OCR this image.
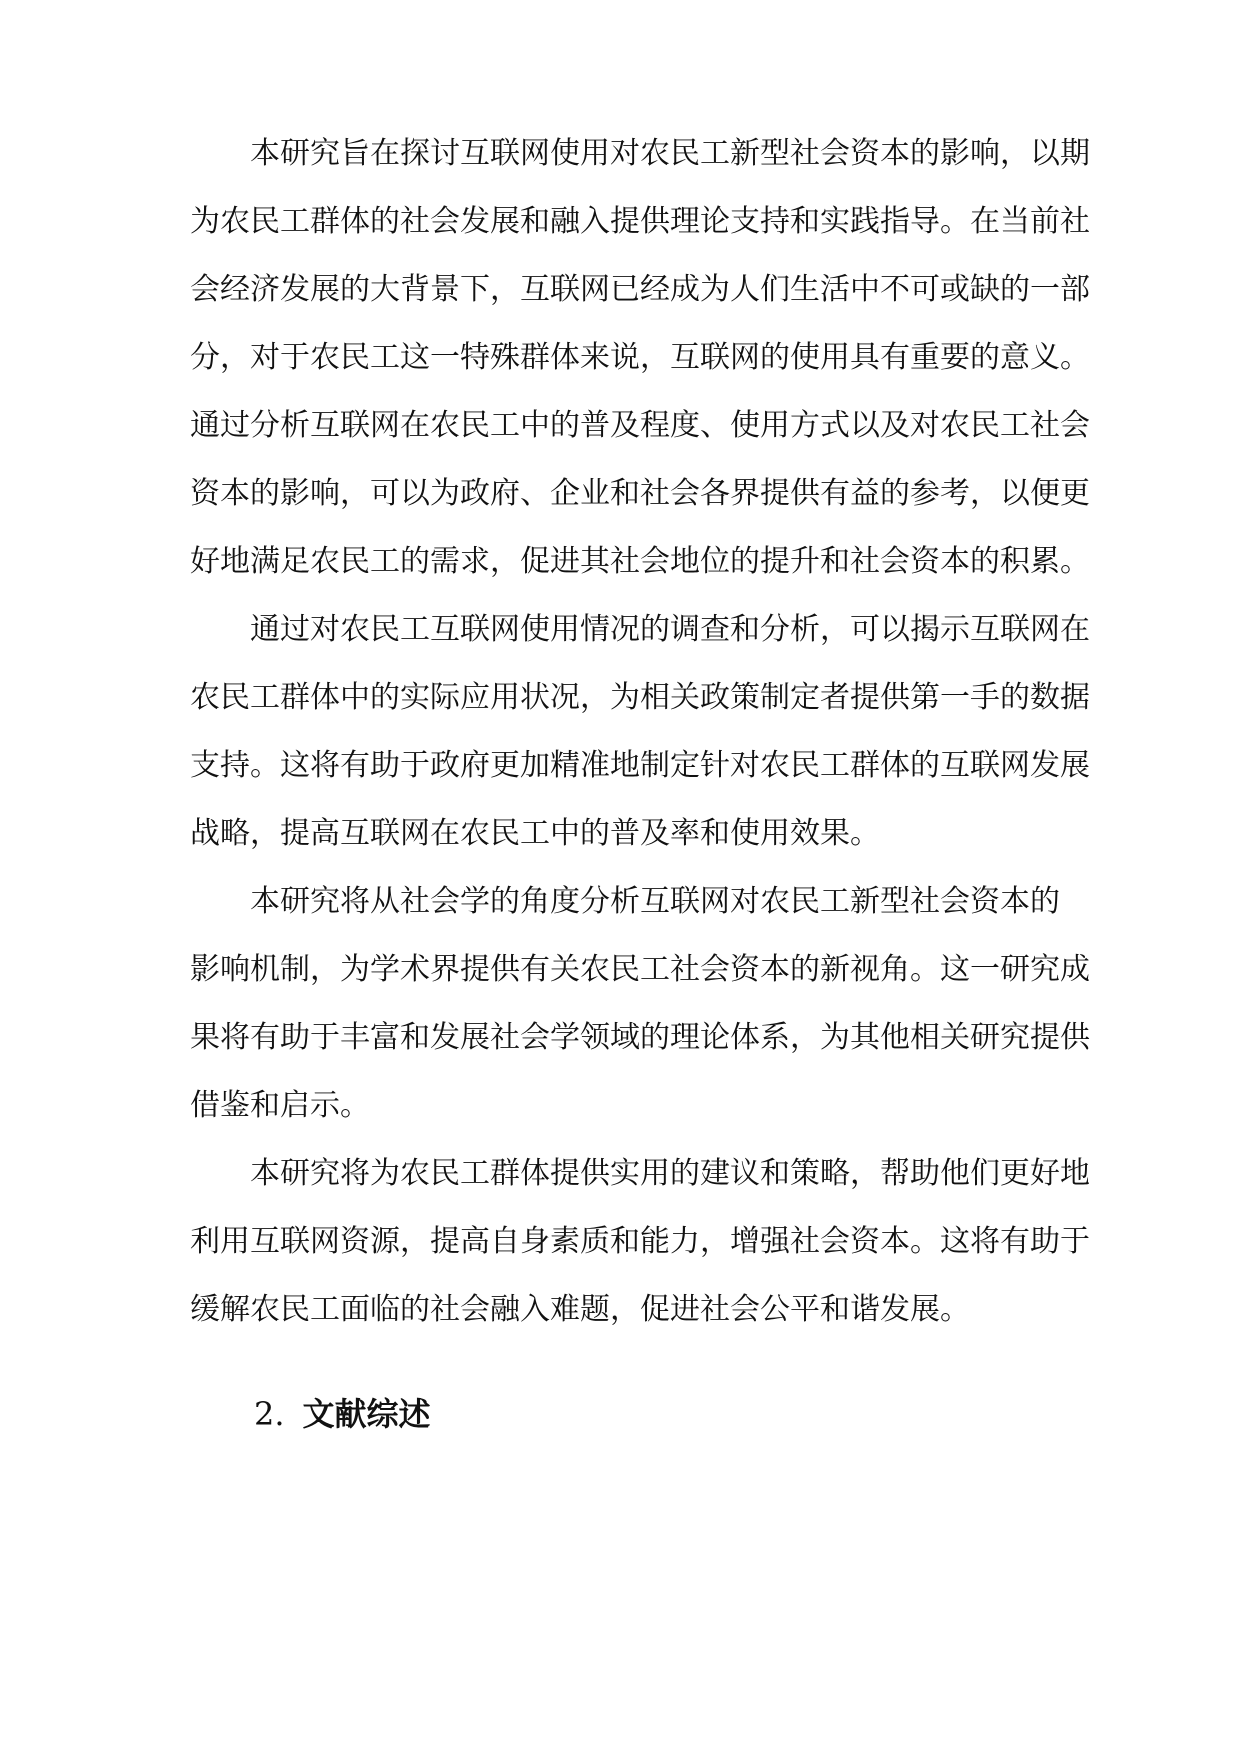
　　本研究旨在探讨互联网使用对农民工新型社会资本的影响，以期
为农民工群体的社会发展和融入提供理论支持和实践指导。在当前社
会经济发展的大背景下，互联网已经成为人们生活中不可或缺的一部
分，对于农民工这一特殊群体来说，互联网的使用具有重要的意义。
通过分析互联网在农民工中的普及程度、使用方式以及对农民工社会
资本的影响，可以为政府、企业和社会各界提供有益的参考，以便更
好地满足农民工的需求，促进其社会地位的提升和社会资本的积累。
　　通过对农民工互联网使用情况的调查和分析，可以揭示互联网在
农民工群体中的实际应用状况，为相关政策制定者提供第一手的数据
支持。这将有助于政府更加精准地制定针对农民工群体的互联网发展
战略，提高互联网在农民工中的普及率和使用效果。
　　本研究将从社会学的角度分析互联网对农民工新型社会资本的
影响机制，为学术界提供有关农民工社会资本的新视角。这一研究成
果将有助于丰富和发展社会学领域的理论体系，为其他相关研究提供
借鉴和启示。
　　本研究将为农民工群体提供实用的建议和策略，帮助他们更好地
利用互联网资源，提高自身素质和能力，增强社会资本。这将有助于
缓解农民工面临的社会融入难题，促进社会公平和谐发展。
2. 文献综述
